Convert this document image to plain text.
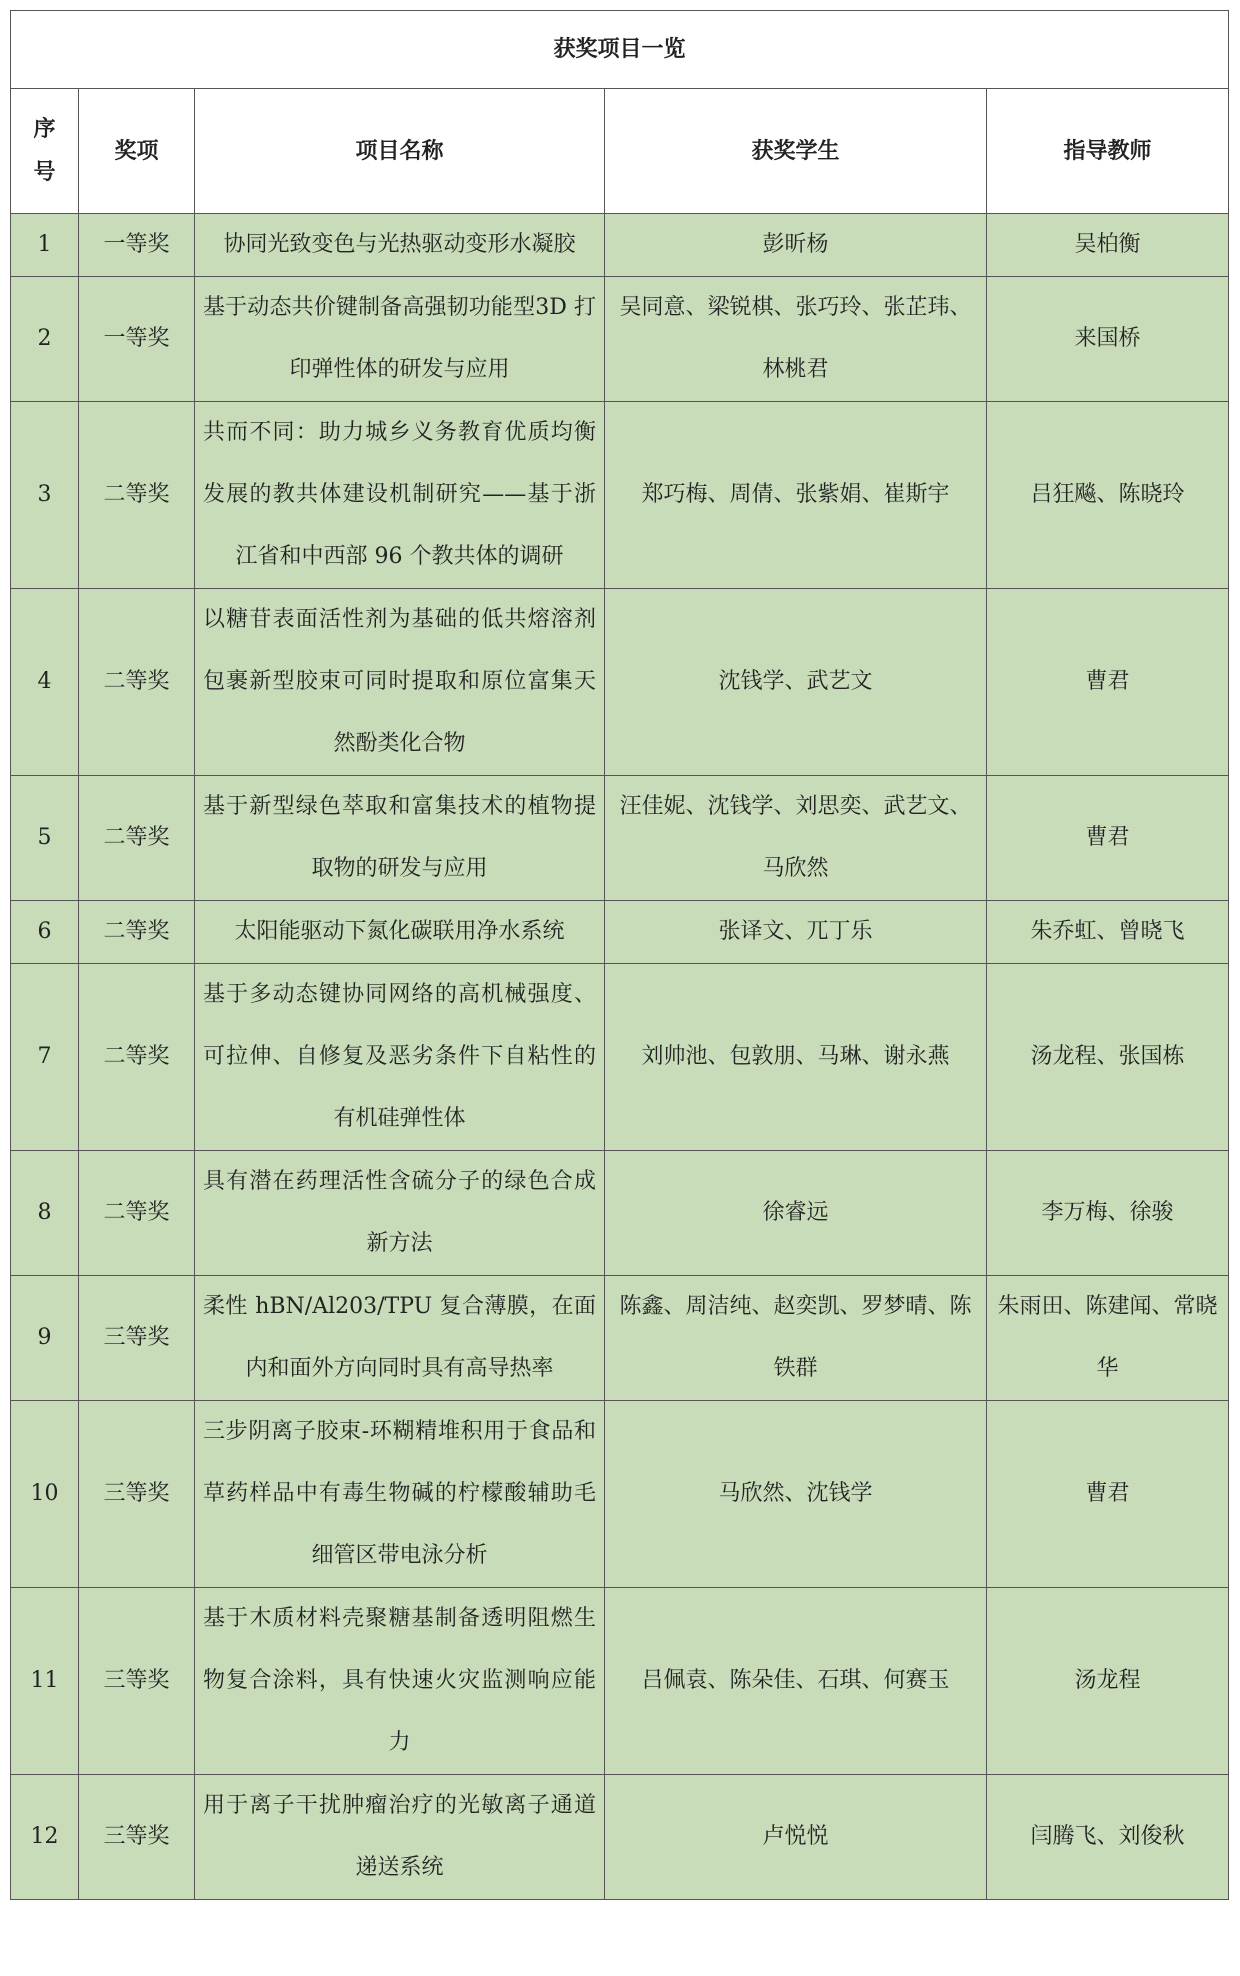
获奖项目一览				

序
号	奖项	项目名称	获奖学生	指导教师
1	一等奖	协同光致变色与光热驱动变形水凝胶	彭昕杨	吴柏衡
2	一等奖	基于动态共价键制备高强韧功能型3D 打印弹性体的研发与应用	吴同意、梁锐棋、张巧玲、张芷玮、林桃君	来国桥
3	二等奖	共而不同：助力城乡义务教育优质均衡发展的教共体建设机制研究——基于浙江省和中西部 96 个教共体的调研	郑巧梅、周倩、张紫娟、崔斯宇	吕狂飚、陈晓玲
4	二等奖	以糖苷表面活性剂为基础的低共熔溶剂包裹新型胶束可同时提取和原位富集天然酚类化合物	沈钱学、武艺文	曹君
5	二等奖	基于新型绿色萃取和富集技术的植物提取物的研发与应用	汪佳妮、沈钱学、刘思奕、武艺文、马欣然	曹君
6	二等奖	太阳能驱动下氮化碳联用净水系统	张译文、兀丁乐	朱乔虹、曾晓飞
7	二等奖	基于多动态键协同网络的高机械强度、可拉伸、自修复及恶劣条件下自粘性的有机硅弹性体	刘帅池、包敦朋、马琳、谢永燕	汤龙程、张国栋
8	二等奖	具有潜在药理活性含硫分子的绿色合成新方法	徐睿远	李万梅、徐骏
9	三等奖	柔性 hBN/Al203/TPU 复合薄膜，在面内和面外方向同时具有高导热率	陈鑫、周洁纯、赵奕凯、罗梦晴、陈铁群	朱雨田、陈建闻、常晓华
10	三等奖	三步阴离子胶束-环糊精堆积用于食品和草药样品中有毒生物碱的柠檬酸辅助毛细管区带电泳分析	马欣然、沈钱学	曹君
11	三等奖	基于木质材料壳聚糖基制备透明阻燃生物复合涂料，具有快速火灾监测响应能力	吕佩袁、陈朵佳、石琪、何赛玉	汤龙程
12	三等奖	用于离子干扰肿瘤治疗的光敏离子通道递送系统	卢悦悦	闫腾飞、刘俊秋
